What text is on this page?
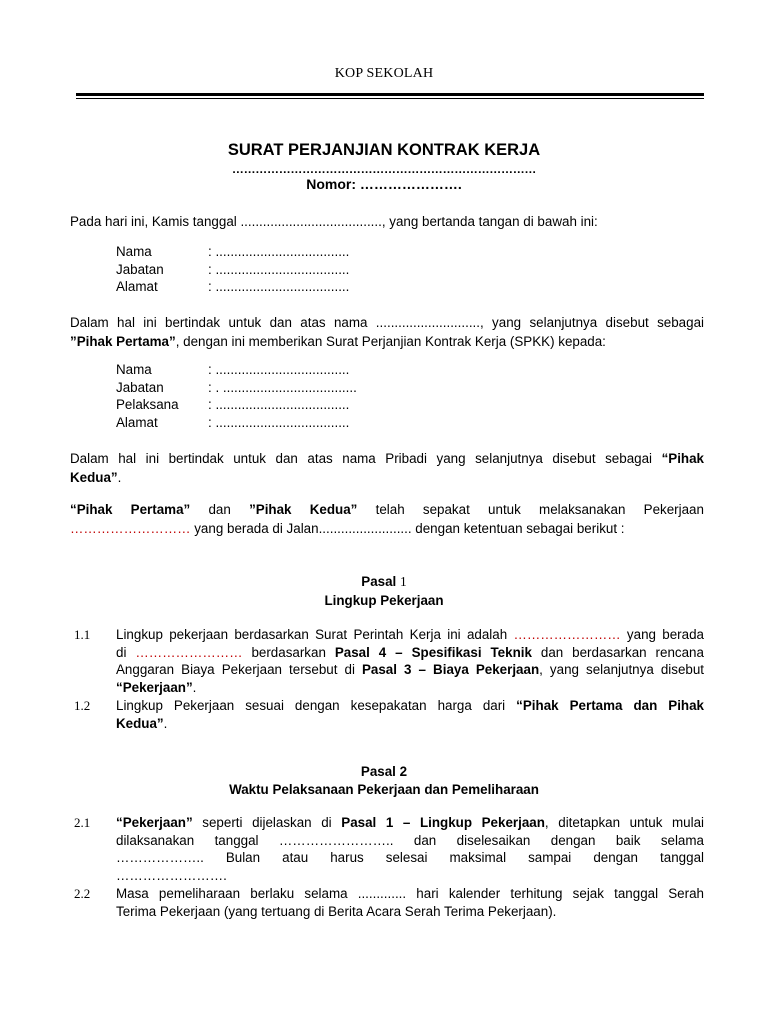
KOP SEKOLAH
SURAT PERJANJIAN KONTRAK KERJA
……………………………………………………………………
Nomor: ………………….
Pada hari ini, Kamis tanggal ......................................, yang bertanda tangan di bawah ini:
Nama	: ....................................
Jabatan	: ....................................
Alamat	: ....................................
Dalam hal ini bertindak untuk dan atas nama ............................, yang selanjutnya disebut sebagai
”Pihak Pertama”, dengan ini memberikan Surat Perjanjian Kontrak Kerja (SPKK) kepada:
Nama	: ....................................
Jabatan	: . ....................................
Pelaksana	: ....................................
Alamat	: ....................................
Dalam hal ini bertindak untuk dan atas nama Pribadi yang selanjutnya disebut sebagai “Pihak
Kedua”.
“Pihak Pertama” dan ”Pihak Kedua” telah sepakat untuk melaksanakan Pekerjaan
……………………… yang berada di Jalan......................... dengan ketentuan sebagai berikut :
Pasal 1
Lingkup Pekerjaan
1.1 Lingkup pekerjaan berdasarkan Surat Perintah Kerja ini adalah …………………… yang berada
di …………………… berdasarkan Pasal 4 – Spesifikasi Teknik dan berdasarkan rencana
Anggaran Biaya Pekerjaan tersebut di Pasal 3 – Biaya Pekerjaan, yang selanjutnya disebut
“Pekerjaan”.
1.2 Lingkup Pekerjaan sesuai dengan kesepakatan harga dari “Pihak Pertama dan Pihak
Kedua”.
Pasal 2
Waktu Pelaksanaan Pekerjaan dan Pemeliharaan
2.1 “Pekerjaan” seperti dijelaskan di Pasal 1 – Lingkup Pekerjaan, ditetapkan untuk mulai
dilaksanakan tanggal …………………….. dan diselesaikan dengan baik selama
……………….. Bulan atau harus selesai maksimal sampai dengan tanggal
…………………….
2.2 Masa pemeliharaan berlaku selama ............. hari kalender terhitung sejak tanggal Serah
Terima Pekerjaan (yang tertuang di Berita Acara Serah Terima Pekerjaan).
